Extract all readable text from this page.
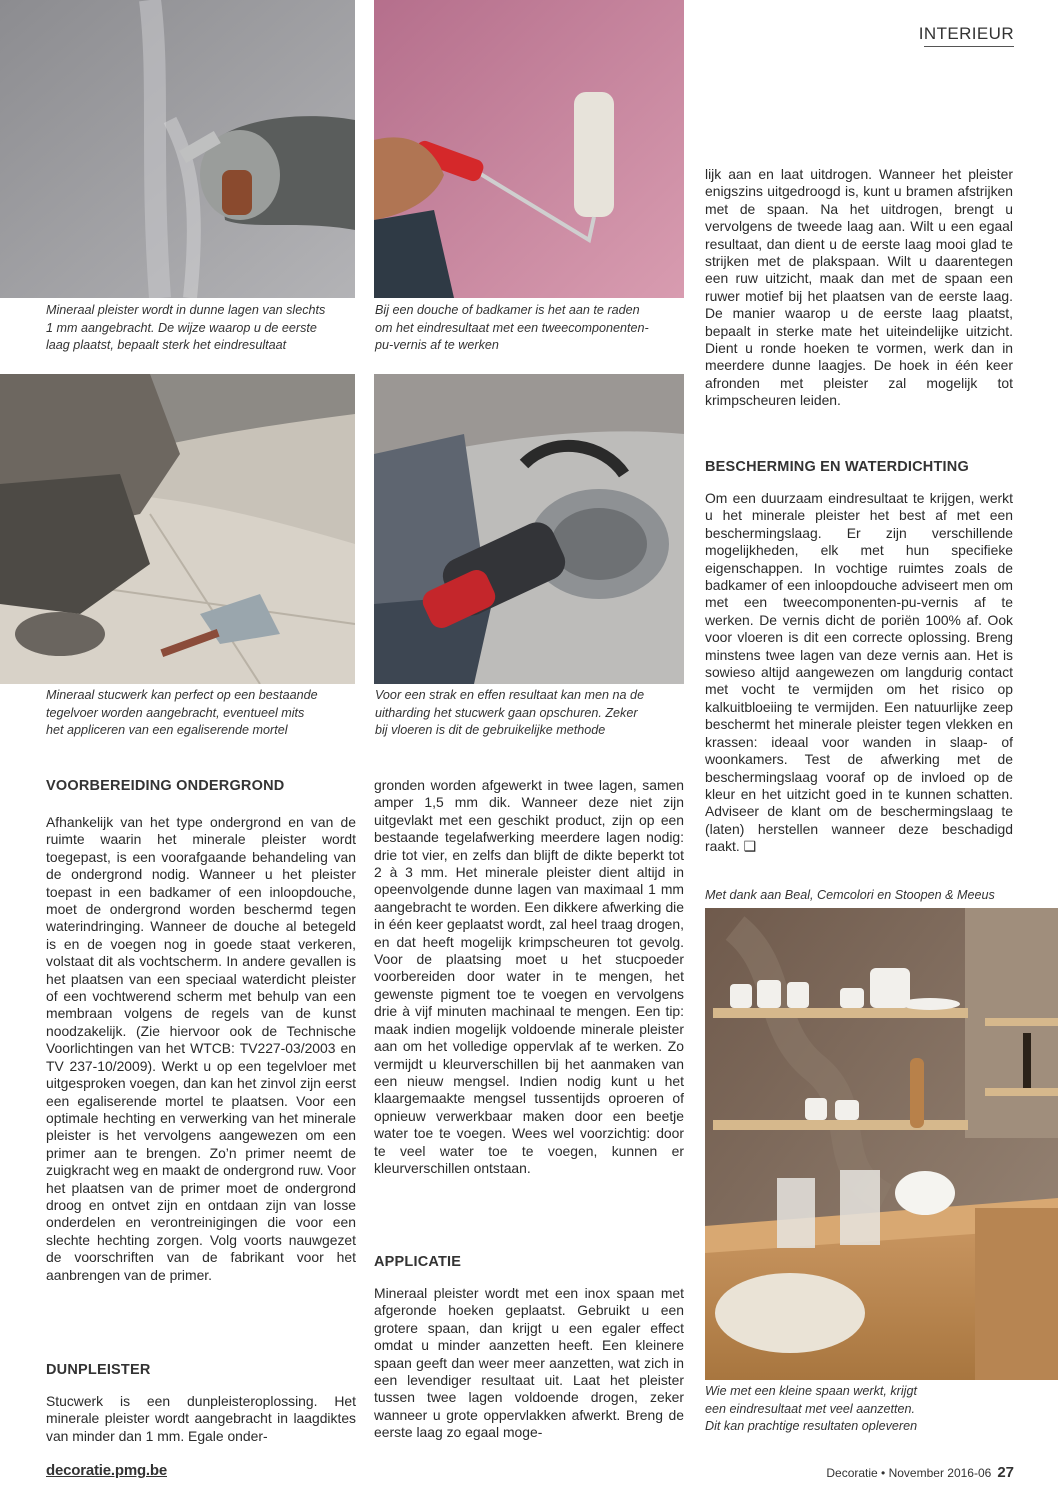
INTERIEUR
Mineraal pleister wordt in dunne lagen van slechts
1 mm aangebracht. De wijze waarop u de eerste
laag plaatst, bepaalt sterk het eindresultaat
Bij een douche of badkamer is het aan te raden
om het eindresultaat met een tweecomponenten-
pu-vernis af te werken
Mineraal stucwerk kan perfect op een bestaande
tegelvoer worden aangebracht, eventueel mits
het appliceren van een egaliserende mortel
Voor een strak en effen resultaat kan men na de
uitharding het stucwerk gaan opschuren. Zeker
bij vloeren is dit de gebruikelijke methode
VOORBEREIDING ONDERGROND
Afhankelijk van het type ondergrond en van de ruimte waarin het minerale pleister wordt toegepast, is een voorafgaande behandeling van de ondergrond nodig. Wanneer u het pleister toepast in een badkamer of een inloopdouche, moet de ondergrond worden beschermd tegen waterindringing. Wanneer de douche al betegeld is en de voegen nog in goede staat verkeren, volstaat dit als vochtscherm. In andere gevallen is het plaatsen van een speciaal waterdicht pleister of een vochtwerend scherm met behulp van een membraan volgens de regels van de kunst noodzakelijk. (Zie hiervoor ook de Technische Voorlichtingen van het WTCB: TV227-03/2003 en TV 237-10/2009). Werkt u op een tegelvloer met uitgesproken voegen, dan kan het zinvol zijn eerst een egaliserende mortel te plaatsen. Voor een optimale hechting en verwerking van het minerale pleister is het vervolgens aangewezen om een primer aan te brengen. Zo’n primer neemt de zuigkracht weg en maakt de ondergrond ruw. Voor het plaatsen van de primer moet de ondergrond droog en ontvet zijn en ontdaan zijn van losse onderdelen en verontreinigingen die voor een slechte hechting zorgen. Volg voorts nauwgezet de voorschriften van de fabrikant voor het aanbrengen van de primer.
DUNPLEISTER
Stucwerk is een dunpleisteroplossing. Het minerale pleister wordt aangebracht in laagdiktes van minder dan 1 mm. Egale onder-
gronden worden afgewerkt in twee lagen, samen amper 1,5 mm dik. Wanneer deze niet zijn uitgevlakt met een geschikt product, zijn op een bestaande tegelafwerking meerdere lagen nodig: drie tot vier, en zelfs dan blijft de dikte beperkt tot 2 à 3 mm. Het minerale pleister dient altijd in opeenvolgende dunne lagen van maximaal 1 mm aangebracht te worden. Een dikkere afwerking die in één keer geplaatst wordt, zal heel traag drogen, en dat heeft mogelijk krimpscheuren tot gevolg. Voor de plaatsing moet u het stucpoeder voorbereiden door water in te mengen, het gewenste pigment toe te voegen en vervolgens drie à vijf minuten machinaal te mengen. Een tip: maak indien mogelijk voldoende minerale pleister aan om het volledige oppervlak af te werken. Zo vermijdt u kleurverschillen bij het aanmaken van een nieuw mengsel. Indien nodig kunt u het klaargemaakte mengsel tussentijds oproeren of opnieuw verwerkbaar maken door een beetje water toe te voegen. Wees wel voorzichtig: door te veel water toe te voegen, kunnen er kleurverschillen ontstaan.
APPLICATIE
Mineraal pleister wordt met een inox spaan met afgeronde hoeken geplaatst. Gebruikt u een grotere spaan, dan krijgt u een egaler effect omdat u minder aanzetten heeft. Een kleinere spaan geeft dan weer meer aanzetten, wat zich in een levendiger resultaat uit. Laat het pleister tussen twee lagen voldoende drogen, zeker wanneer u grote oppervlakken afwerkt. Breng de eerste laag zo egaal moge-
lijk aan en laat uitdrogen. Wanneer het pleister enigszins uitgedroogd is, kunt u bramen afstrijken met de spaan. Na het uitdrogen, brengt u vervolgens de tweede laag aan. Wilt u een egaal resultaat, dan dient u de eerste laag mooi glad te strijken met de plakspaan. Wilt u daarentegen een ruw uitzicht, maak dan met de spaan een ruwer motief bij het plaatsen van de eerste laag. De manier waarop u de eerste laag plaatst, bepaalt in sterke mate het uiteindelijke uitzicht. Dient u ronde hoeken te vormen, werk dan in meerdere dunne laagjes. De hoek in één keer afronden met pleister zal mogelijk tot krimpscheuren leiden.
BESCHERMING EN WATERDICHTING
Om een duurzaam eindresultaat te krijgen, werkt u het minerale pleister het best af met een beschermingslaag. Er zijn verschillende mogelijkheden, elk met hun specifieke eigenschappen. In vochtige ruimtes zoals de badkamer of een inloopdouche adviseert men om met een tweecomponenten-pu-vernis af te werken. De vernis dicht de poriën 100% af. Ook voor vloeren is dit een correcte oplossing. Breng minstens twee lagen van deze vernis aan. Het is sowieso altijd aangewezen om langdurig contact met vocht te vermijden om het risico op kalkuitbloeiing te vermijden. Een natuurlijke zeep beschermt het minerale pleister tegen vlekken en krassen: ideaal voor wanden in slaap- of woonkamers. Test de afwerking met de beschermingslaag vooraf op de invloed op de kleur en het uitzicht goed in te kunnen schatten. Adviseer de klant om de beschermingslaag te (laten) herstellen wanneer deze beschadigd raakt. ❑
Met dank aan Beal, Cemcolori en Stoopen & Meeus
Wie met een kleine spaan werkt, krijgt
een eindresultaat met veel aanzetten.
Dit kan prachtige resultaten opleveren
decoratie.pmg.be	Decoratie • November 2016-06 27
